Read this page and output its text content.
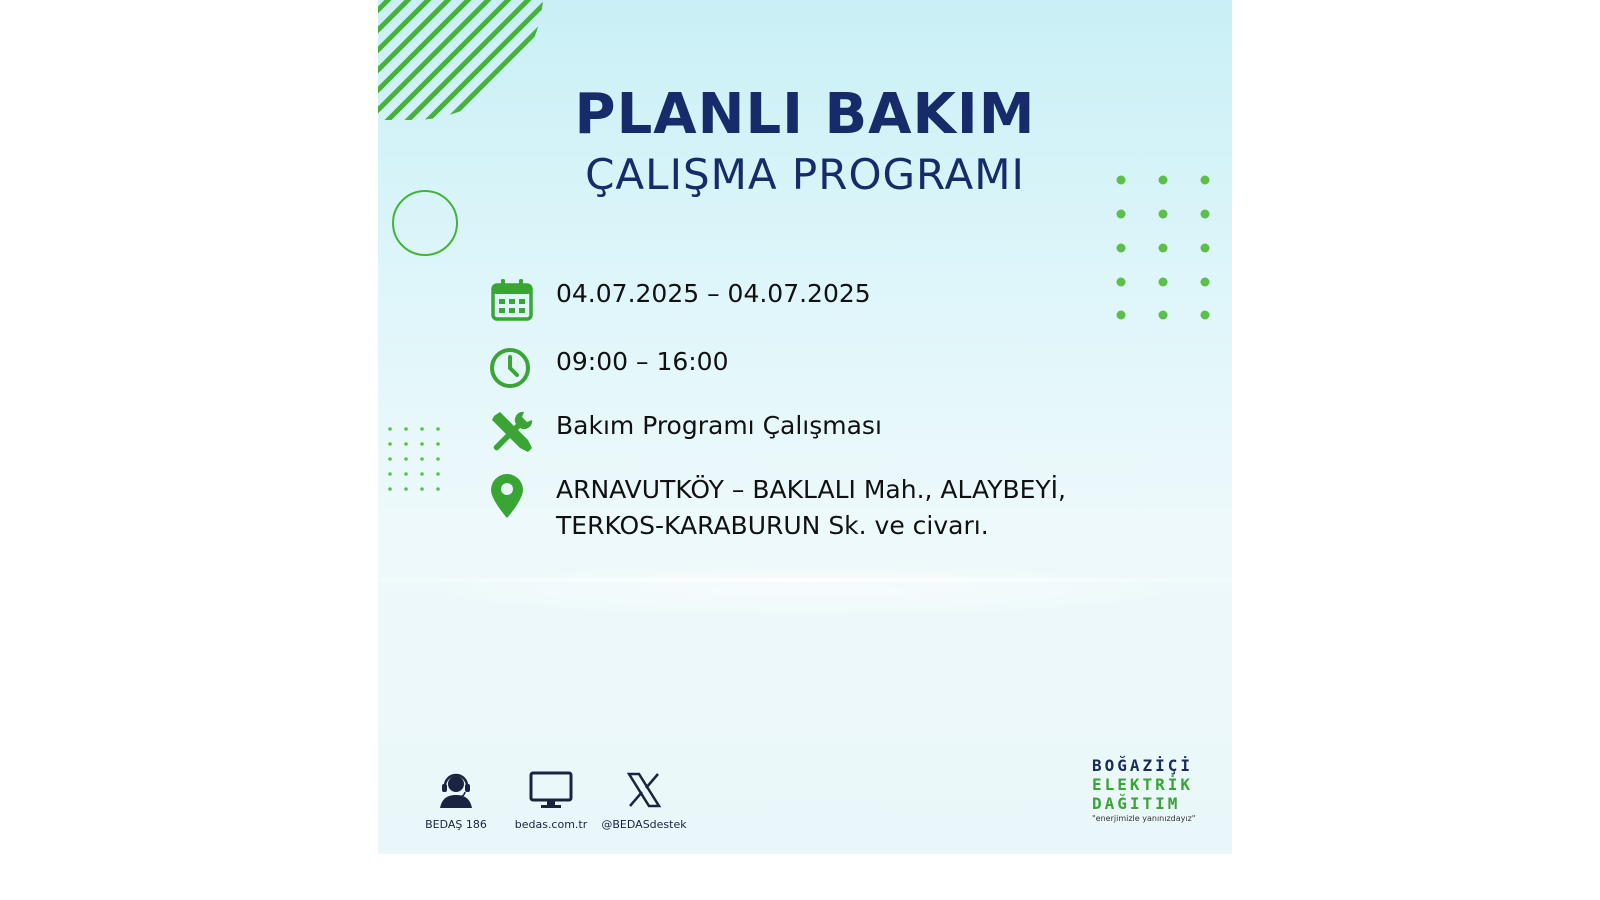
PLANLI BAKIM
ÇALIŞMA PROGRAMI
04.07.2025 – 04.07.2025
09:00 – 16:00
Bakım Programı Çalışması
ARNAVUTKÖY – BAKLALI Mah., ALAYBEYİ,
TERKOS-KARABURUN Sk. ve civarı.
BEDAŞ 186	bedas.com.tr	@BEDASdestek
BOĞAZİÇİ
ELEKTRİK
DAĞITIM
"enerjimizle yanınızdayız"
